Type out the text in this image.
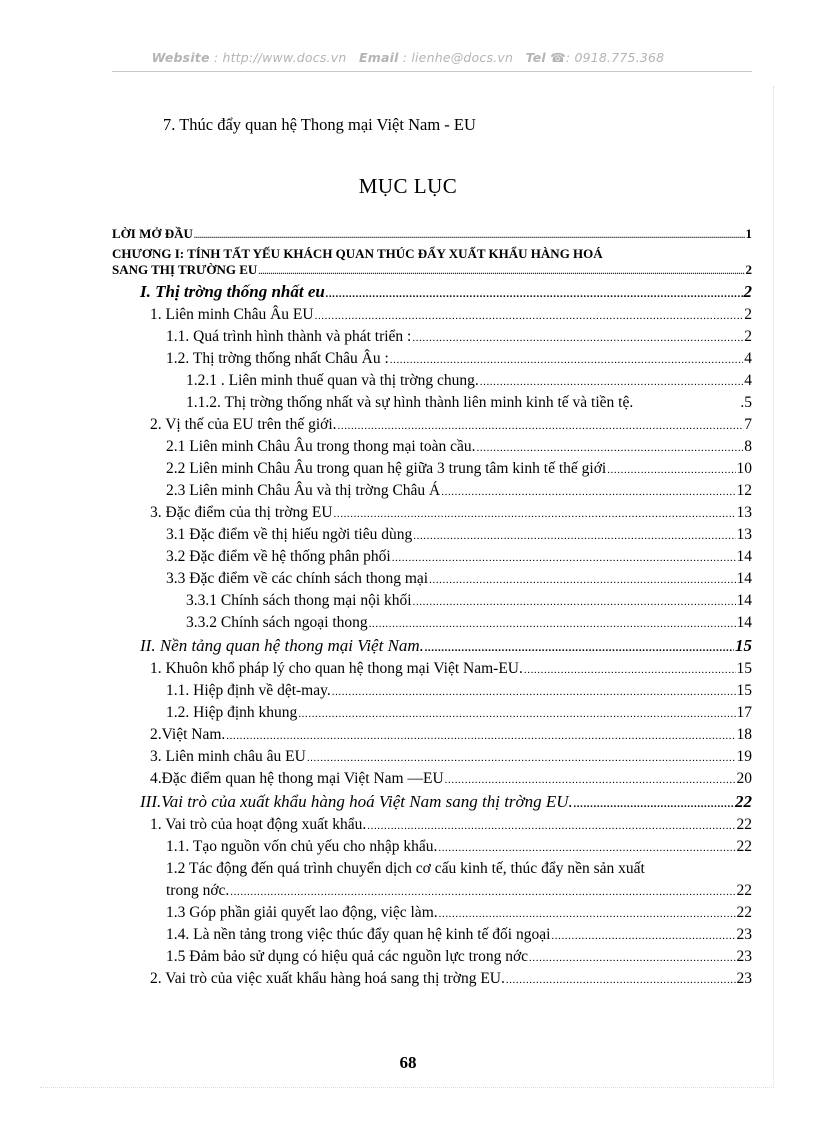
Website : http://www.docs.vn Email : lienhe@docs.vn Tel ☎: 0918.775.368
7. Thúc đẩy quan hệ Thong mại Việt Nam - EU
MỤC LỤC
LỜI MỞ ĐẦU .....	1
CHƯƠNG I: TÍNH TẤT YẾU KHÁCH QUAN THÚC ĐẨY XUẤT KHẨU HÀNG HOÁ
SANG THỊ TRƯỜNG EU .....	2
I. Thị trờng thống nhất eu .....	2
1. Liên minh Châu Âu EU .....	2
1.1. Quá trình hình thành và phát triển : .....	2
1.2. Thị trờng thống nhất Châu Âu : .....	4
1.2.1 . Liên minh thuế quan và thị trờng chung. .....	4
1.1.2. Thị trờng thống nhất và sự hình thành liên minh kinh tế và tiền tệ.	.5
2. Vị thế của EU trên thế giới. .....	7
2.1 Liên minh Châu Âu trong thong mại toàn cầu. .....	8
2.2 Liên minh Châu Âu trong quan hệ giữa 3 trung tâm kinh tế thế giới .....	10
2.3 Liên minh Châu Âu và thị trờng Châu Á .....	12
3. Đặc điểm của thị trờng EU .....	13
3.1 Đặc điểm về thị hiếu ngời tiêu dùng .....	13
3.2 Đặc điểm về hệ thống phân phối .....	14
3.3 Đặc điểm về các chính sách thong mại .....	14
3.3.1 Chính sách thong mại nội khối .....	14
3.3.2 Chính sách ngoại thong .....	14
II. Nền tảng quan hệ thong mại Việt Nam. .....	15
1. Khuôn khổ pháp lý cho quan hệ thong mại Việt Nam-EU. .....	15
1.1. Hiệp định về dệt-may. .....	15
1.2. Hiệp định khung .....	17
2.Việt Nam. .....	18
3. Liên minh châu âu EU .....	19
4.Đặc điểm quan hệ thong mại Việt Nam —EU .....	20
III.Vai trò của xuất khẩu hàng hoá Việt Nam sang thị trờng EU. .....	22
1. Vai trò của hoạt động xuất khẩu. .....	22
1.1. Tạo nguồn vốn chủ yếu cho nhập khẩu. .....	22
1.2 Tác động đến quá trình chuyển dịch cơ cấu kinh tế, thúc đẩy nền sản xuất
trong nớc. .....	22
1.3 Góp phần giải quyết lao động, việc làm. .....	22
1.4. Là nền tảng trong việc thúc đẩy quan hệ kinh tế đối ngoại .....	23
1.5 Đảm bảo sử dụng có hiệu quả các nguồn lực trong nớc .....	23
2. Vai trò của việc xuất khẩu hàng hoá sang thị trờng EU. .....	23
68
